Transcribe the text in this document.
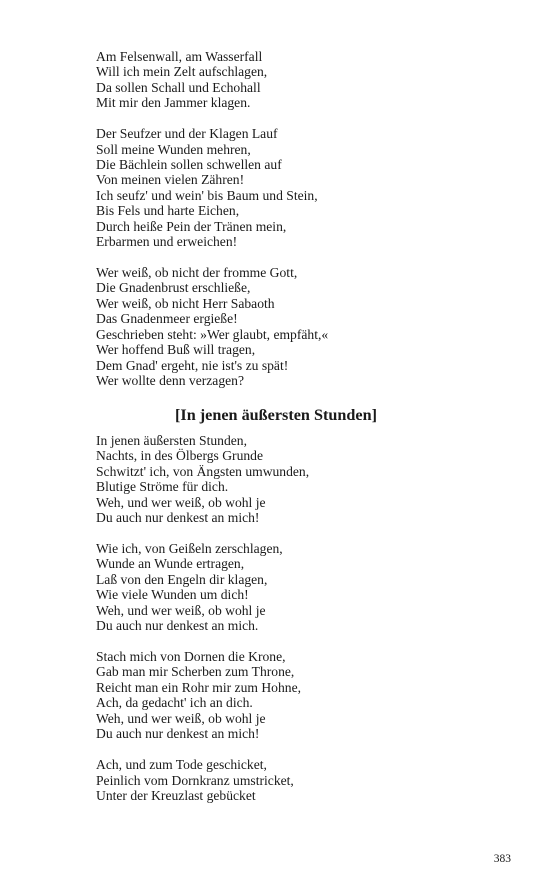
Am Felsenwall, am Wasserfall
Will ich mein Zelt aufschlagen,
Da sollen Schall und Echohall
Mit mir den Jammer klagen.
Der Seufzer und der Klagen Lauf
Soll meine Wunden mehren,
Die Bächlein sollen schwellen auf
Von meinen vielen Zähren!
Ich seufz' und wein' bis Baum und Stein,
Bis Fels und harte Eichen,
Durch heiße Pein der Tränen mein,
Erbarmen und erweichen!
Wer weiß, ob nicht der fromme Gott,
Die Gnadenbrust erschließe,
Wer weiß, ob nicht Herr Sabaoth
Das Gnadenmeer ergieße!
Geschrieben steht: »Wer glaubt, empfäht,«
Wer hoffend Buß will tragen,
Dem Gnad' ergeht, nie ist's zu spät!
Wer wollte denn verzagen?
[In jenen äußersten Stunden]
In jenen äußersten Stunden,
Nachts, in des Ölbergs Grunde
Schwitzt' ich, von Ängsten umwunden,
Blutige Ströme für dich.
Weh, und wer weiß, ob wohl je
Du auch nur denkest an mich!
Wie ich, von Geißeln zerschlagen,
Wunde an Wunde ertragen,
Laß von den Engeln dir klagen,
Wie viele Wunden um dich!
Weh, und wer weiß, ob wohl je
Du auch nur denkest an mich.
Stach mich von Dornen die Krone,
Gab man mir Scherben zum Throne,
Reicht man ein Rohr mir zum Hohne,
Ach, da gedacht' ich an dich.
Weh, und wer weiß, ob wohl je
Du auch nur denkest an mich!
Ach, und zum Tode geschicket,
Peinlich vom Dornkranz umstricket,
Unter der Kreuzlast gebücket
383
